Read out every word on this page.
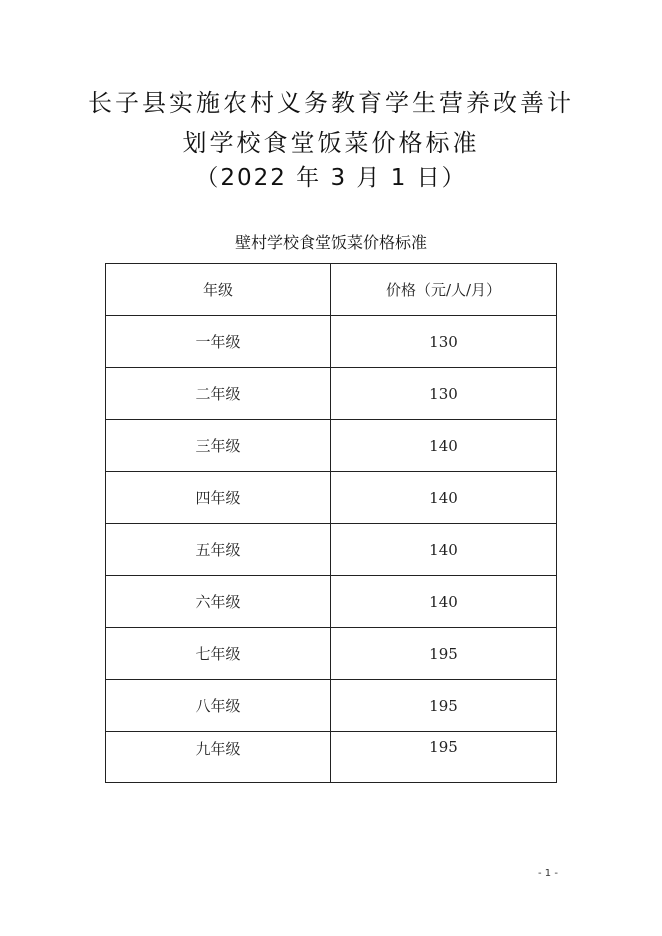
长子县实施农村义务教育学生营养改善计
划学校食堂饭菜价格标准
（2022 年 3 月 1 日）
壁村学校食堂饭菜价格标准
年级	价格（元/人/月）
一年级	130
二年级	130
三年级	140
四年级	140
五年级	140
六年级	140
七年级	195
八年级	195
九年级	195
- 1 -
